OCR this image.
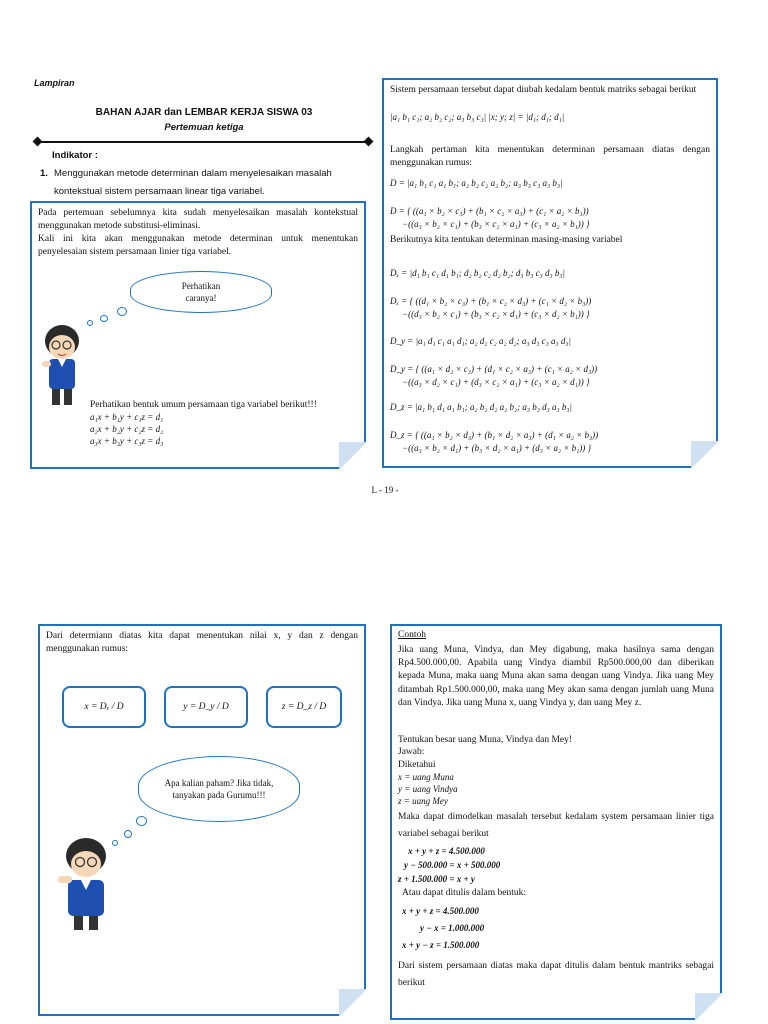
Lampiran
BAHAN AJAR dan LEMBAR KERJA SISWA 03
Pertemuan ketiga
Indikator :
1. Menggunakan metode determinan dalam menyelesaikan masalah
kontekstual sistem persamaan linear tiga variabel.
Pada pertemuan sebelumnya kita sudah menyelesaikan masalah kontekstual menggunakan metode substitusi-eliminasi.
Kali ini kita akan menggunakan metode determinan untuk menentukan penyelesaian sistem persamaan linier tiga variabel.
Perhatikan caranya!
Perhatikan bentuk umum persamaan tiga variabel berikut!!!
a₁x + b₁y + c₁z = d₁
a₂x + b₂y + c₂z = d₂
a₃x + b₃y + c₃z = d₃
Sistem persamaan tersebut dapat diubah kedalam bentuk matriks sebagai berikut
|a₁ b₁ c₁; a₂ b₂ c₂; a₃ b₃ c₃| |x; y; z| = |d₁; d₁; d₁|
Langkah pertaman kita menentukan determinan persamaan diatas dengan menggunakan rumus:
D = |a₁ b₁ c₁ a₁ b₁; a₂ b₂ c₂ a₂ b₂; a₃ b₃ c₃ a₃ b₃|
D = { ((a₁ × b₂ × c₃) + (b₁ × c₂ × a₃) + (c₁ × a₂ × b₃))
−((a₃ × b₂ × c₁) + (b₃ × c₂ × a₁) + (c₃ × a₂ × b₁)) }
Berikutnya kita tentukan determinan masing-masing variabel
Dₓ = |d₁ b₁ c₁ d₁ b₁; d₂ b₂ c₂ d₂ b₂; d₃ b₃ c₃ d₃ b₃|
Dₓ = { ((d₁ × b₂ × c₃) + (b₁ × c₂ × d₃) + (c₁ × d₂ × b₃))
−((d₃ × b₂ × c₁) + (b₃ × c₂ × d₁) + (c₃ × d₂ × b₁)) }
D_y = |a₁ d₁ c₁ a₁ d₁; a₂ d₂ c₂ a₂ d₂; a₃ d₃ c₃ a₃ d₃|
D_y = { ((a₁ × d₂ × c₃) + (d₁ × c₂ × a₃) + (c₁ × a₂ × d₃))
−((a₃ × d₂ × c₁) + (d₃ × c₂ × a₁) + (c₃ × a₂ × d₁)) }
D_z = |a₁ b₁ d₁ a₁ b₁; a₂ b₂ d₂ a₂ b₂; a₃ b₃ d₃ a₃ b₃|
D_z = { ((a₁ × b₂ × d₃) + (b₁ × d₂ × a₃) + (d₁ × a₂ × b₃))
−((a₃ × b₂ × d₁) + (b₃ × d₂ × a₁) + (d₃ × a₂ × b₁)) }
L - 19 -
Dari determiann diatas kita dapat menentukan nilai x, y dan z dengan menggunakan rumus:
x = Dₓ / D	y = D_y / D	z = D_z / D
Apa kalian paham? Jika tidak, tanyakan pada Gurumu!!!
Contoh
Jika uang Muna, Vindya, dan Mey digabung, maka hasilnya sama dengan Rp4.500.000,00. Apabila uang Vindya diambil Rp500.000,00 dan diberikan kepada Muna, maka uang Muna akan sama dengan uang Vindya. Jika uang Mey ditambah Rp1.500.000,00, maka uang Mey akan sama dengan jumlah uang Muna dan Vindya. Jika uang Muna x, uang Vindya y, dan uang Mey z.
Tentukan besar uang Muna, Vindya dan Mey!
Jawab:
Diketahui
x = uang Muna
y = uang Vindya
z = uang Mey
Maka dapat dimodelkan masalah tersebut kedalam system persamaan linier tiga variabel sebagai berikut
x + y + z = 4.500.000
y − 500.000 = x + 500.000
z + 1.500.000 = x + y
Atau dapat ditulis dalam bentuk:
x + y + z = 4.500.000
y − x = 1.000.000
x + y − z = 1.500.000
Dari sistem persamaan diatas maka dapat ditulis dalam bentuk mantriks sebagai berikut
